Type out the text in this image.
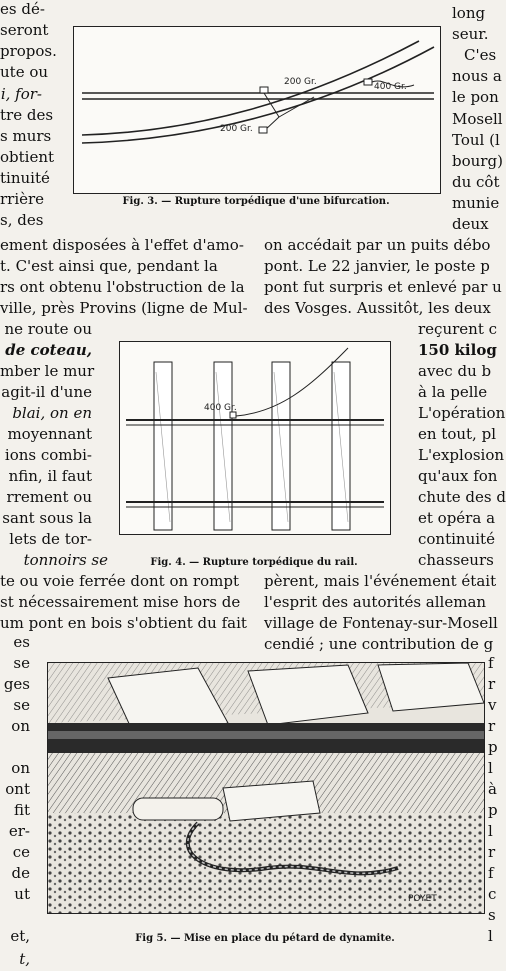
es dé-
seront
propos.
ute ou
i, for-
tre des
s murs
obtient
tinuité
rrière
s, des
long
seur.
C'es
nous a
le pon
Mosell
Toul (l
bourg)
du côt
munie
deux
200 Gr.	400 Gr.
200 Gr.
Fig. 3. — Rupture torpédique d'une bifurcation.
ement disposées à l'effet d'amo-
t. C'est ainsi que, pendant la
rs ont obtenu l'obstruction de la
ville, près Provins (ligne de Mul-
on accédait par un puits débo
pont. Le 22 janvier, le poste p
pont fut surpris et enlevé par u
des Vosges. Aussitôt, les deux
ne route ou
de coteau,
mber le mur
agit-il d'une
blai, on en
moyennant
ions combi-
nfin, il faut
rrement ou
sant sous la
lets de tor-
tonnoirs se
400 Gr.
Fig. 4. — Rupture torpédique du rail.
reçurent c
150 kilog
avec du b
à la pelle
L'opération
en tout, pl
L'explosion
qu'aux fon
chute des d
et opéra a
continuité
chasseurs
te ou voie ferrée dont on rompt
st nécessairement mise hors de
um pont en bois s'obtient du fait
pèrent, mais l'événement était
l'esprit des autorités alleman
village de Fontenay-sur-Mosell
cendié ; une contribution de g
es
se
ges
se
on
on
ont
fit
er-
ce
de
ut
et,
t,
POYET
Fig 5. — Mise en place du pétard de dynamite.
f
r
v
r
p
l
à
p
l
r
f
c
s
l
